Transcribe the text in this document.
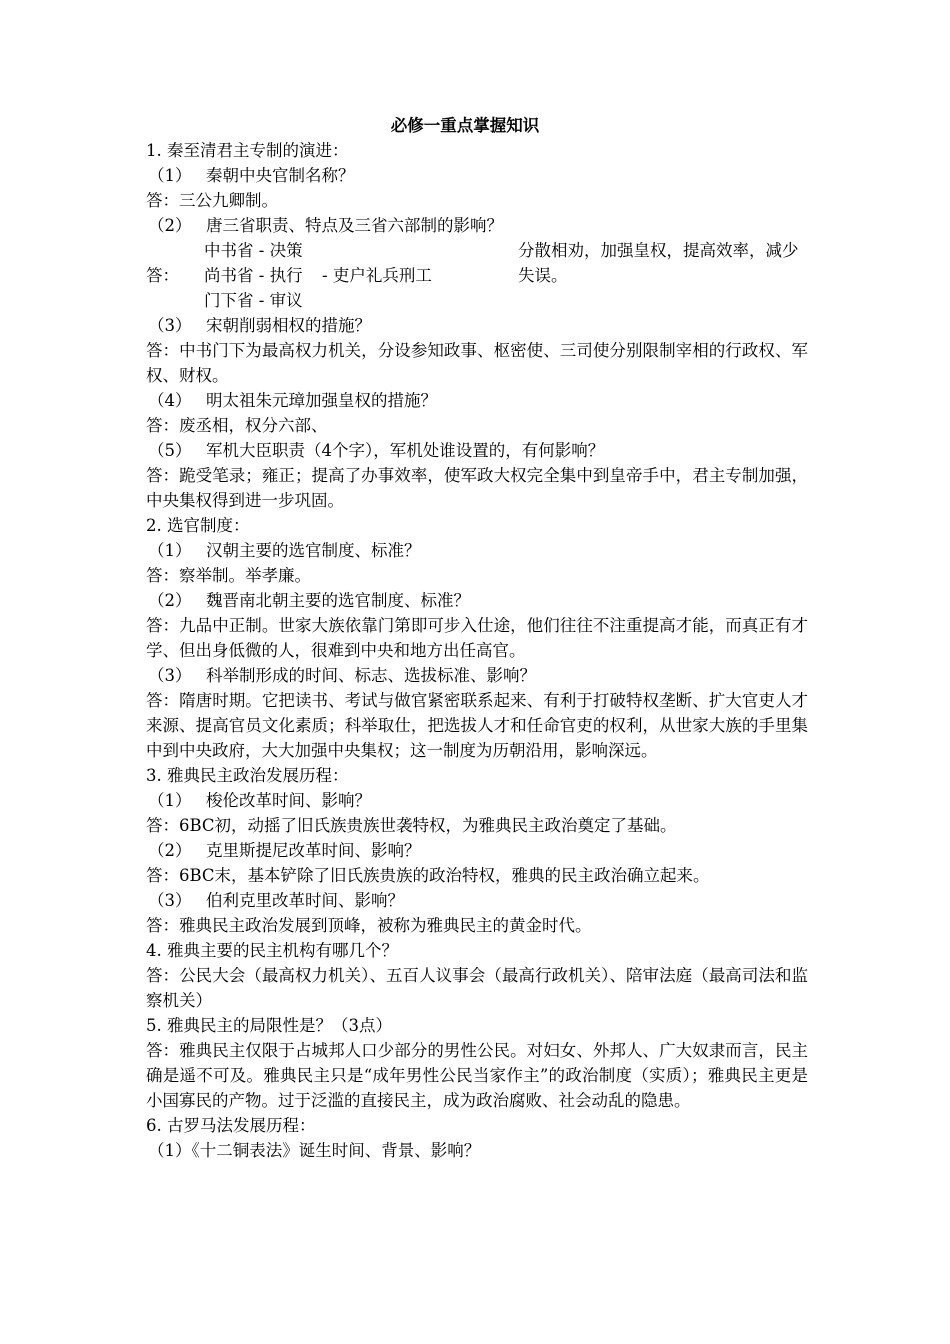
必修一重点掌握知识
1. 秦至清君主专制的演进：
（1） 秦朝中央官制名称？
答：三公九卿制。
（2） 唐三省职责、特点及三省六部制的影响？
答：
中书省 - 决策
尚书省 - 执行
门下省 - 审议
- 吏户礼兵刑工
分散相劝，加强皇权，提高效率，减少失误。
（3） 宋朝削弱相权的措施？
答：中书门下为最高权力机关，分设参知政事、枢密使、三司使分别限制宰相的行政权、军权、财权。
（4） 明太祖朱元璋加强皇权的措施？
答：废丞相，权分六部、
（5） 军机大臣职责（4个字），军机处谁设置的，有何影响？
答：跪受笔录；雍正；提高了办事效率，使军政大权完全集中到皇帝手中，君主专制加强，中央集权得到进一步巩固。
2. 选官制度：
（1） 汉朝主要的选官制度、标准？
答：察举制。举孝廉。
（2） 魏晋南北朝主要的选官制度、标准？
答：九品中正制。世家大族依靠门第即可步入仕途，他们往往不注重提高才能，而真正有才学、但出身低微的人，很难到中央和地方出任高官。
（3） 科举制形成的时间、标志、选拔标准、影响？
答：隋唐时期。它把读书、考试与做官紧密联系起来、有利于打破特权垄断、扩大官吏人才来源、提高官员文化素质；科举取仕，把选拔人才和任命官吏的权利，从世家大族的手里集中到中央政府，大大加强中央集权；这一制度为历朝沿用，影响深远。
3. 雅典民主政治发展历程：
（1） 梭伦改革时间、影响？
答：6BC初，动摇了旧氏族贵族世袭特权，为雅典民主政治奠定了基础。
（2） 克里斯提尼改革时间、影响？
答：6BC末，基本铲除了旧氏族贵族的政治特权，雅典的民主政治确立起来。
（3） 伯利克里改革时间、影响？
答：雅典民主政治发展到顶峰，被称为雅典民主的黄金时代。
4. 雅典主要的民主机构有哪几个？
答：公民大会（最高权力机关）、五百人议事会（最高行政机关）、陪审法庭（最高司法和监察机关）
5. 雅典民主的局限性是？（3点）
答：雅典民主仅限于占城邦人口少部分的男性公民。对妇女、外邦人、广大奴隶而言，民主确是遥不可及。雅典民主只是“成年男性公民当家作主”的政治制度（实质）；雅典民主更是小国寡民的产物。过于泛滥的直接民主，成为政治腐败、社会动乱的隐患。
6. 古罗马法发展历程：
（1）《十二铜表法》诞生时间、背景、影响？
